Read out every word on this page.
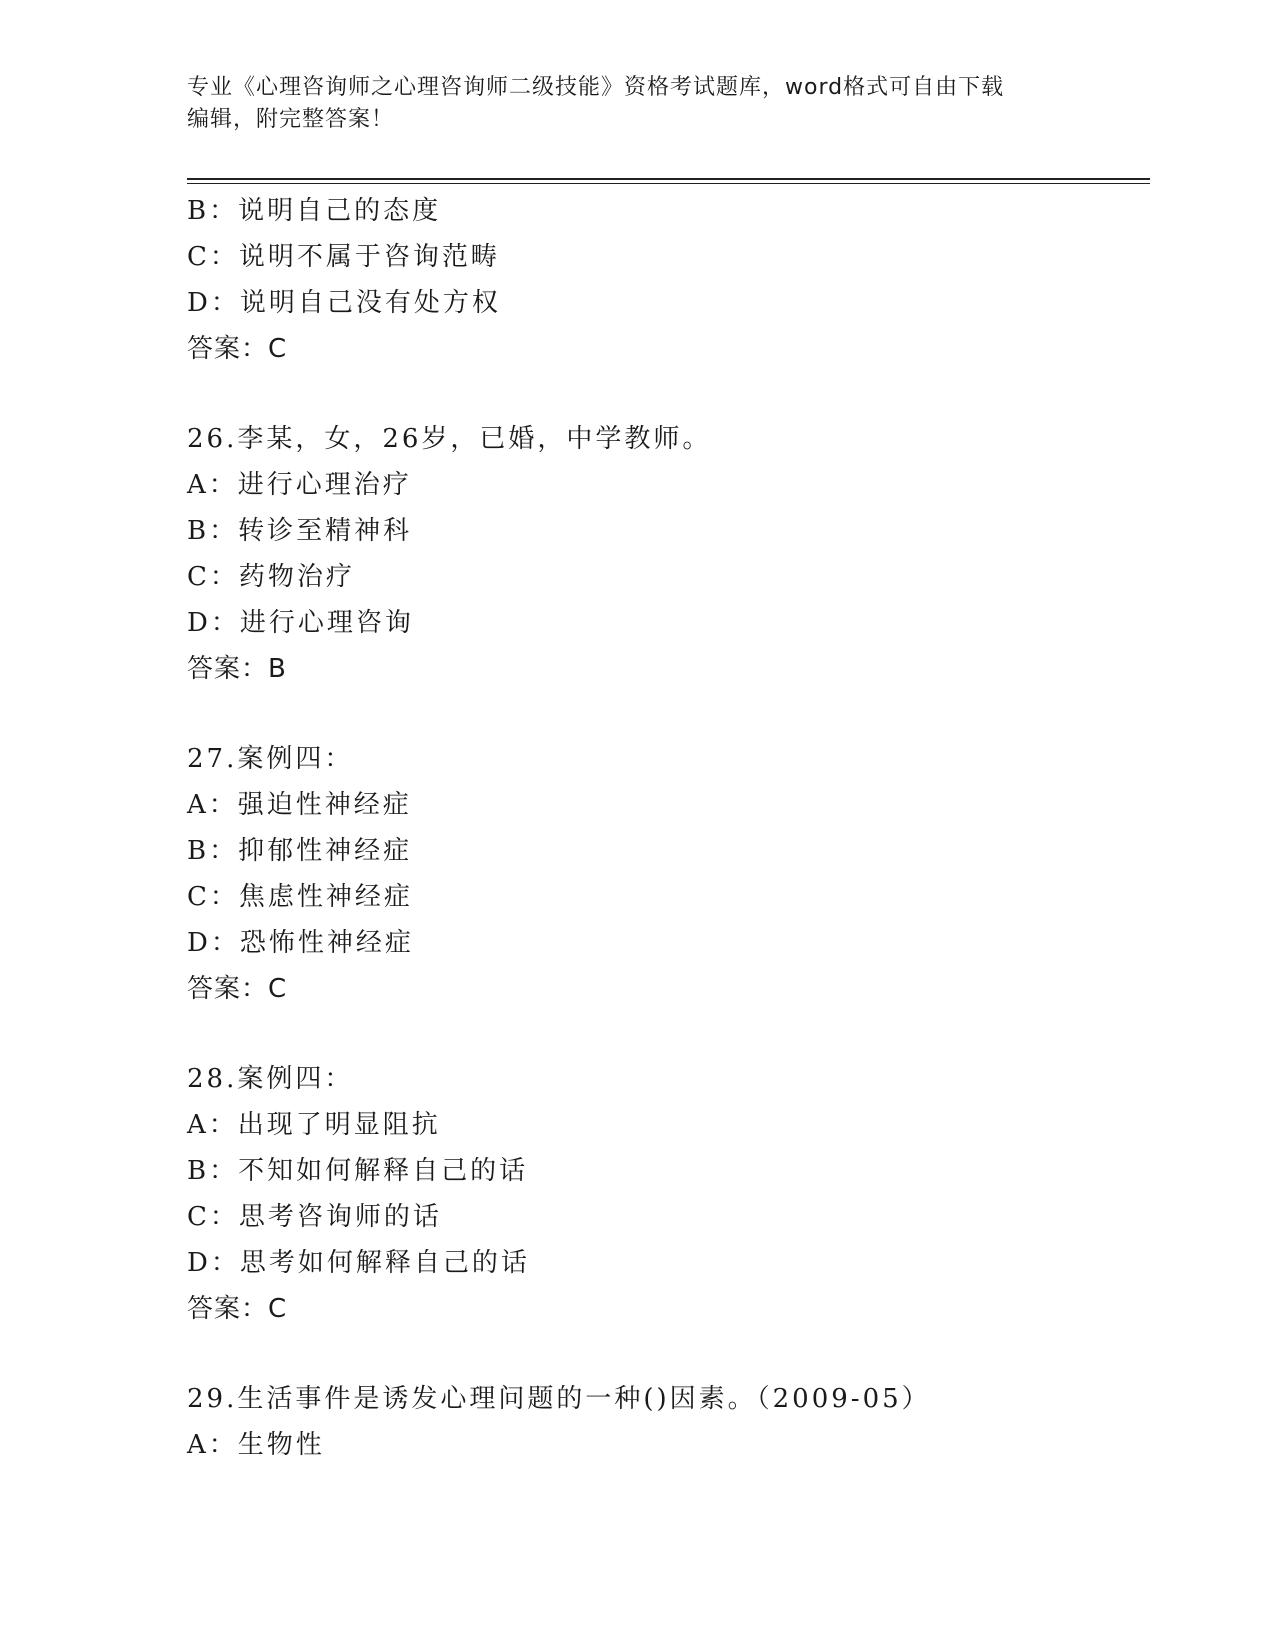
专业《心理咨询师之心理咨询师二级技能》资格考试题库，word格式可自由下载
编辑，附完整答案！
B：说明自己的态度
C：说明不属于咨询范畴
D：说明自己没有处方权
答案：C
26.李某，女，26岁，已婚，中学教师。
A：进行心理治疗
B：转诊至精神科
C：药物治疗
D：进行心理咨询
答案：B
27.案例四：
A：强迫性神经症
B：抑郁性神经症
C：焦虑性神经症
D：恐怖性神经症
答案：C
28.案例四：
A：出现了明显阻抗
B：不知如何解释自己的话
C：思考咨询师的话
D：思考如何解释自己的话
答案：C
29.生活事件是诱发心理问题的一种()因素。（2009-05）
A：生物性
